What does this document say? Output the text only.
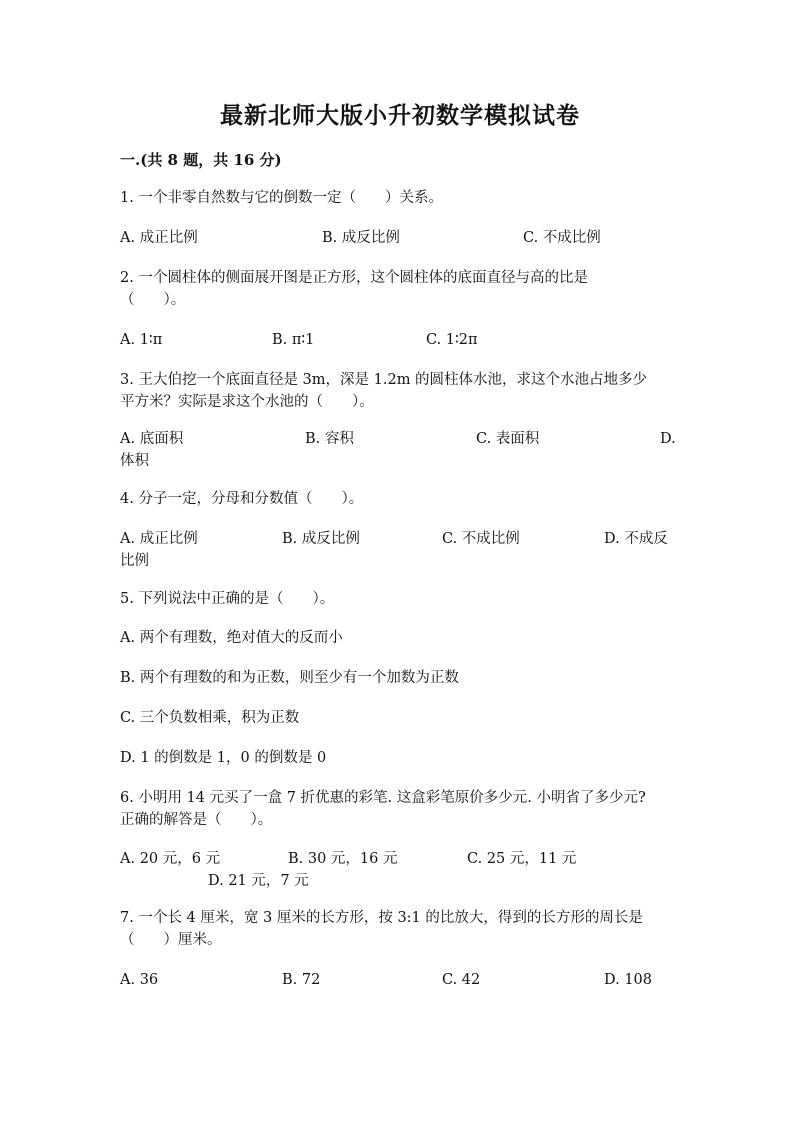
最新北师大版小升初数学模拟试卷
一.(共 8 题，共 16 分)
1. 一个非零自然数与它的倒数一定（　　）关系。
A. 成正比例	B. 成反比例	C. 不成比例
2. 一个圆柱体的侧面展开图是正方形，这个圆柱体的底面直径与高的比是
（　　）。
A. 1∶π	B. π∶1	C. 1∶2π
3. 王大伯挖一个底面直径是 3m，深是 1.2m 的圆柱体水池，求这个水池占地多少
平方米？实际是求这个水池的（　　）。
A. 底面积	B. 容积	C. 表面积	D.
体积
4. 分子一定，分母和分数值（　　）。
A. 成正比例	B. 成反比例	C. 不成比例	D. 不成反
比例
5. 下列说法中正确的是（　　）。
A. 两个有理数，绝对值大的反而小
B. 两个有理数的和为正数，则至少有一个加数为正数
C. 三个负数相乘，积为正数
D. 1 的倒数是 1，0 的倒数是 0
6. 小明用 14 元买了一盒 7 折优惠的彩笔. 这盒彩笔原价多少元. 小明省了多少元?
正确的解答是（　　）。
A. 20 元，6 元	B. 30 元，16 元	C. 25 元，11 元
D. 21 元，7 元
7. 一个长 4 厘米，宽 3 厘米的长方形，按 3:1 的比放大，得到的长方形的周长是
（　　）厘米。
A. 36	B. 72	C. 42	D. 108
